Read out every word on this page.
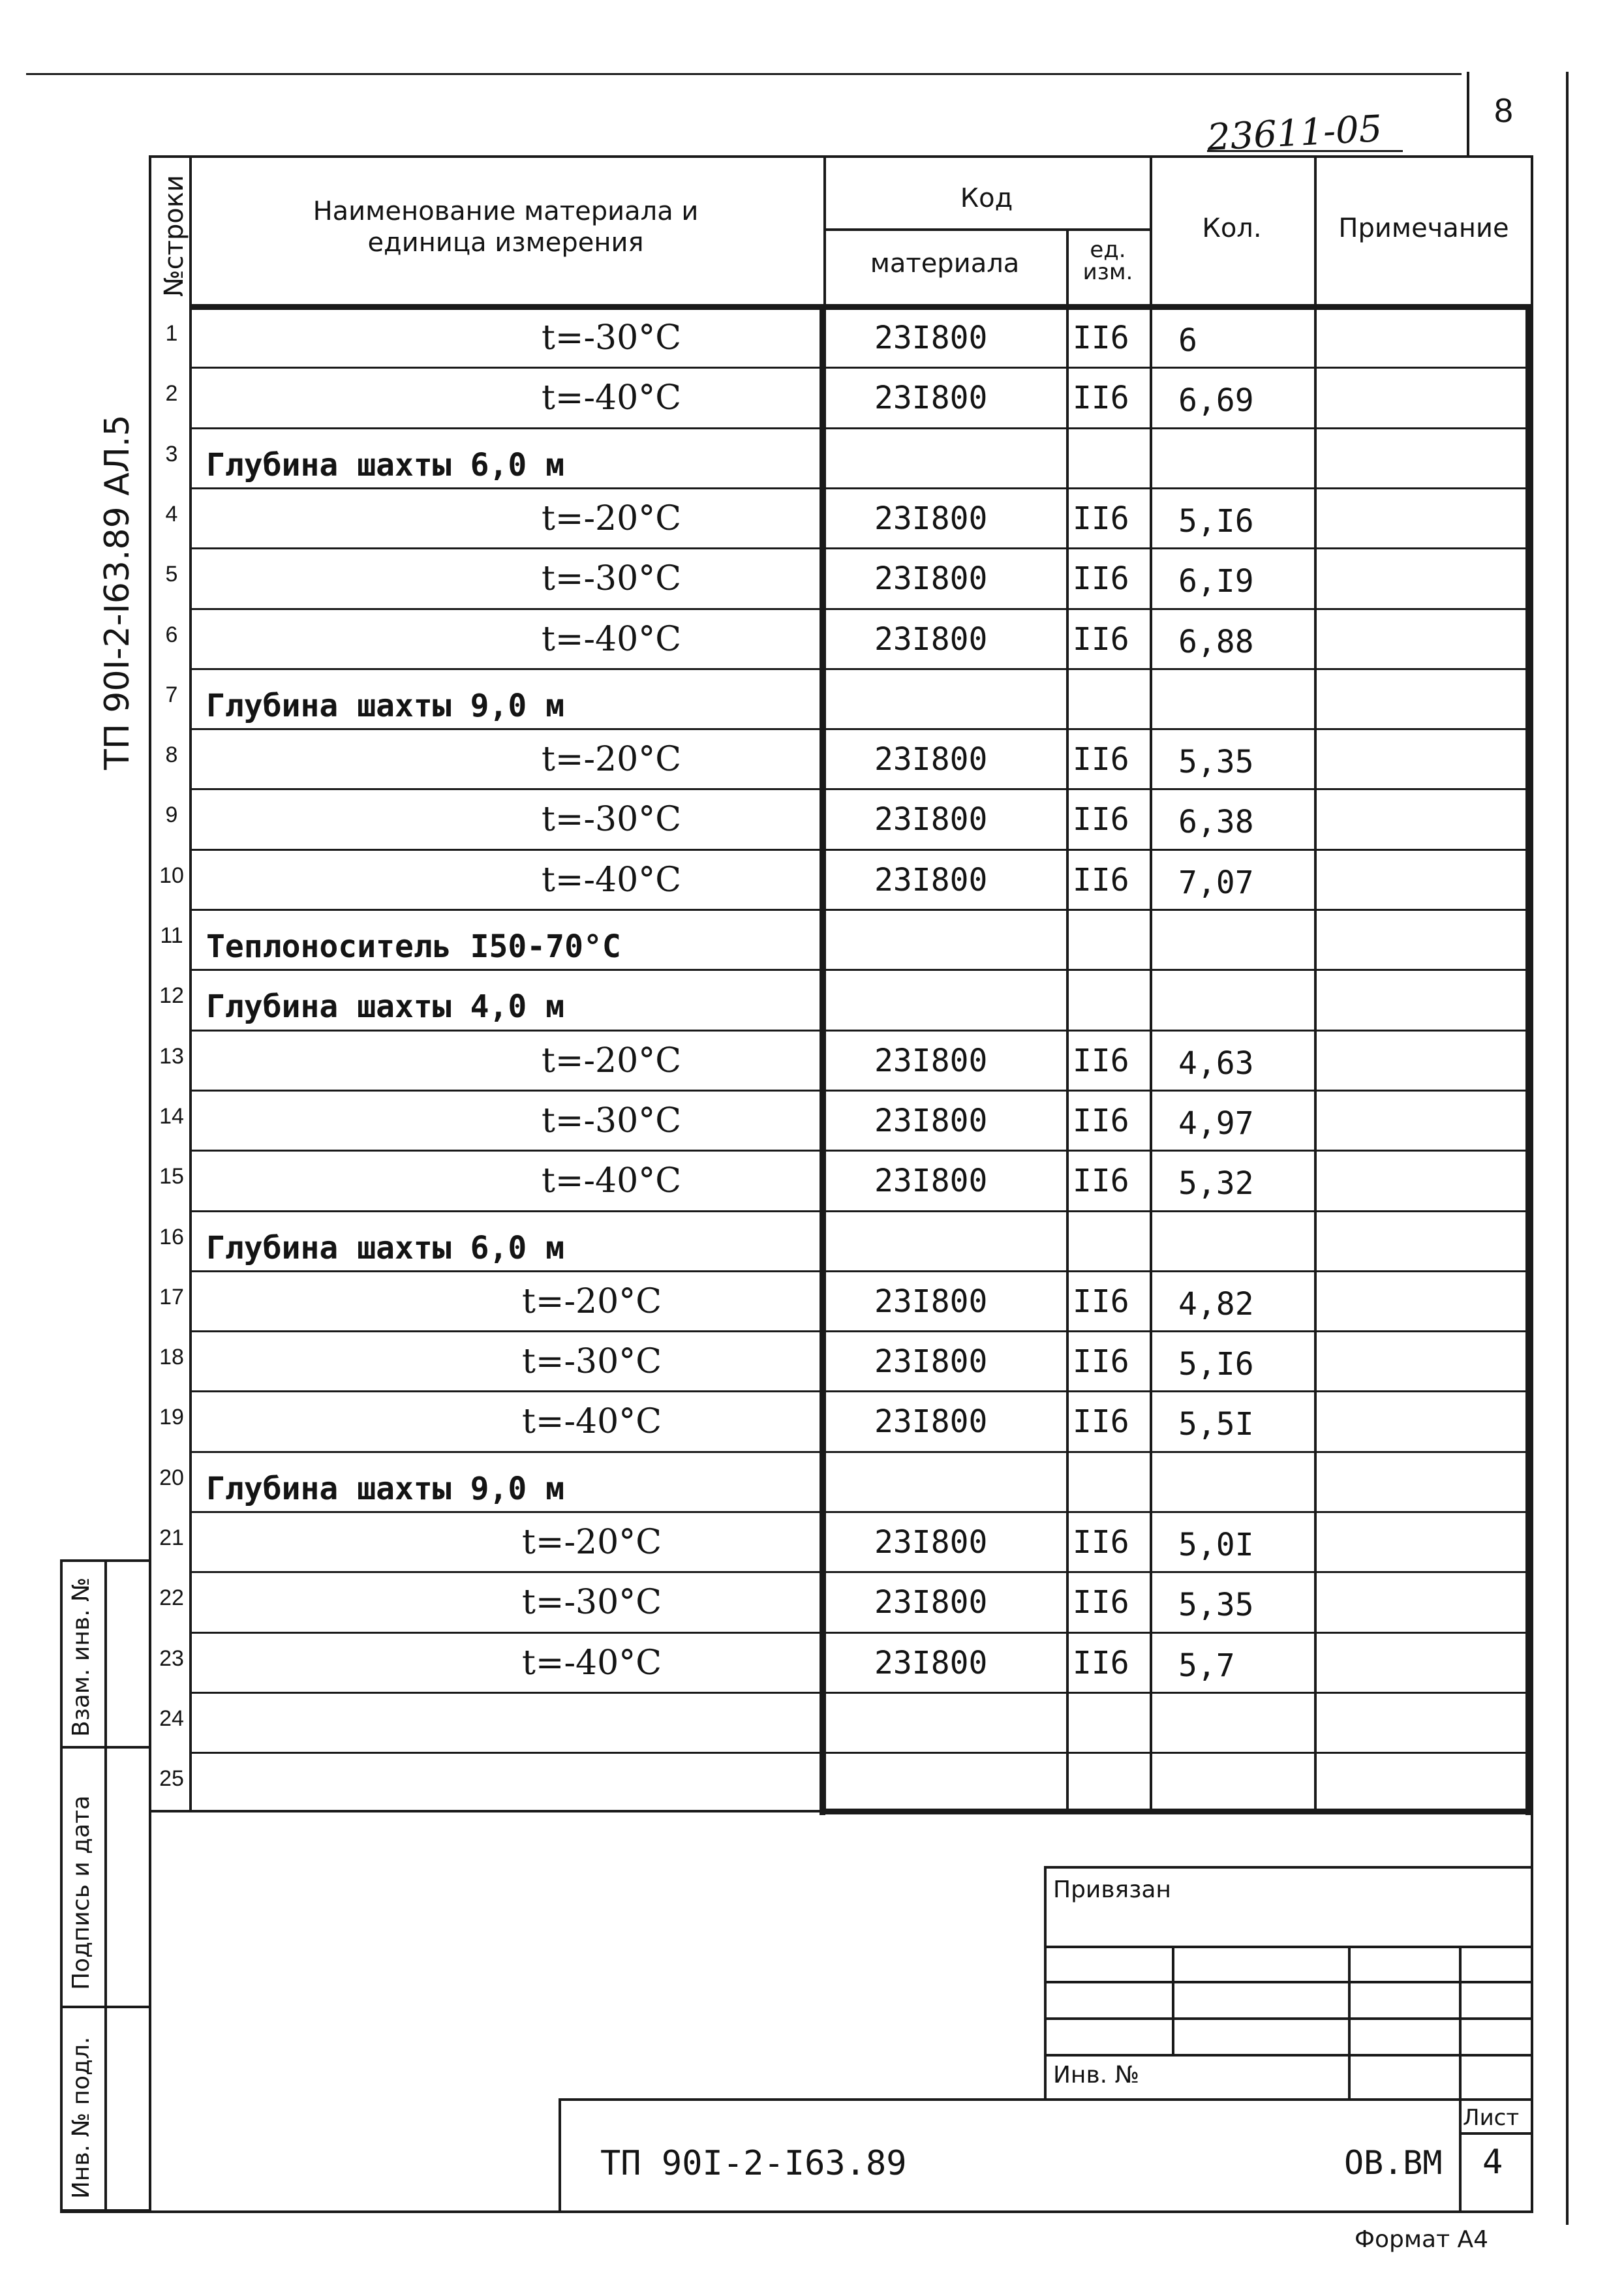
8
23611-05
ТП 90I-2-I63.89 АЛ.5
№строки	Наименование материала и
единица измерения
Код
материала	ед.
изм.
Кол.	Примечание
1	t=-30°C	23I800	II6 6
2	t=-40°C	23I800	II6 6,69
3 Глубина шахты 6,0 м
4	t=-20°C	23I800	II6 5,I6
5	t=-30°C	23I800	II6 6,I9
6	t=-40°C	23I800	II6 6,88
7 Глубина шахты 9,0 м
8	t=-20°C	23I800	II6 5,35
9	t=-30°C	23I800	II6 6,38
10	t=-40°C	23I800	II6 7,07
11 Теплоноситель I50-70°C
12 Глубина шахты 4,0 м
13	t=-20°C	23I800	II6 4,63
14	t=-30°C	23I800	II6 4,97
15	t=-40°C	23I800	II6 5,32
16 Глубина шахты 6,0 м
17	t=-20°C	23I800	II6 4,82
18	t=-30°C	23I800	II6 5,I6
19	t=-40°C	23I800	II6 5,5I
20 Глубина шахты 9,0 м
21	t=-20°C	23I800	II6 5,0I
22	t=-30°C	23I800	II6 5,35
23	t=-40°C	23I800	II6 5,7
24
25
Взам. инв. №
Подпись и дата
Инв. № подл.
Привязан
Инв. №
ТП 90I-2-I63.89	ОВ.ВМ
Лист
4
Формат А4
